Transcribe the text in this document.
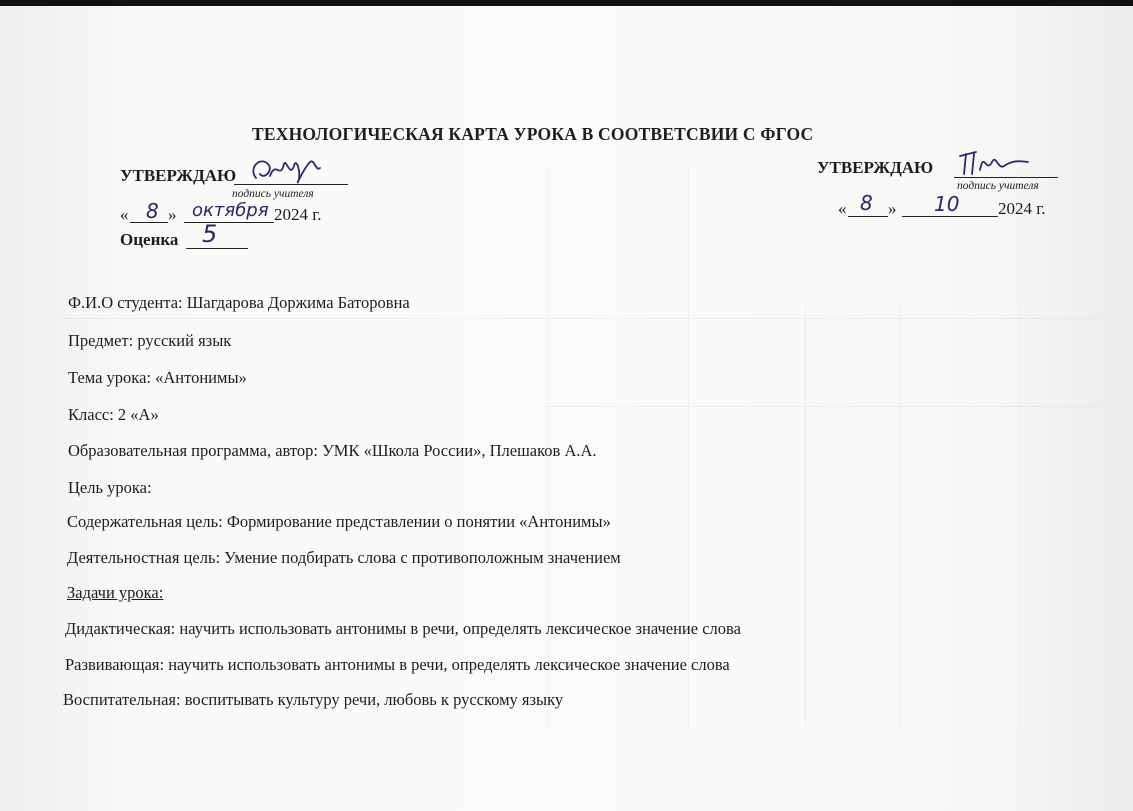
ТЕХНОЛОГИЧЕСКАЯ КАРТА УРОКА В СООТВЕТСВИИ С ФГОС
УТВЕРЖДАЮ
подпись учителя
« 8 » октября 2024 г.
Оценка 5
УТВЕРЖДАЮ
подпись учителя
« 8 » 10 2024 г.
Ф.И.О студента: Шагдарова Доржима Баторовна
Предмет: русский язык
Тема урока: «Антонимы»
Класс: 2 «А»
Образовательная программа, автор: УМК «Школа России», Плешаков А.А.
Цель урока:
Содержательная цель: Формирование представлении о понятии «Антонимы»
Деятельностная цель: Умение подбирать слова с противоположным значением
Задачи урока:
Дидактическая: научить использовать антонимы в речи, определять лексическое значение слова
Развивающая: научить использовать антонимы в речи, определять лексическое значение слова
Воспитательная: воспитывать культуру речи, любовь к русскому языку
